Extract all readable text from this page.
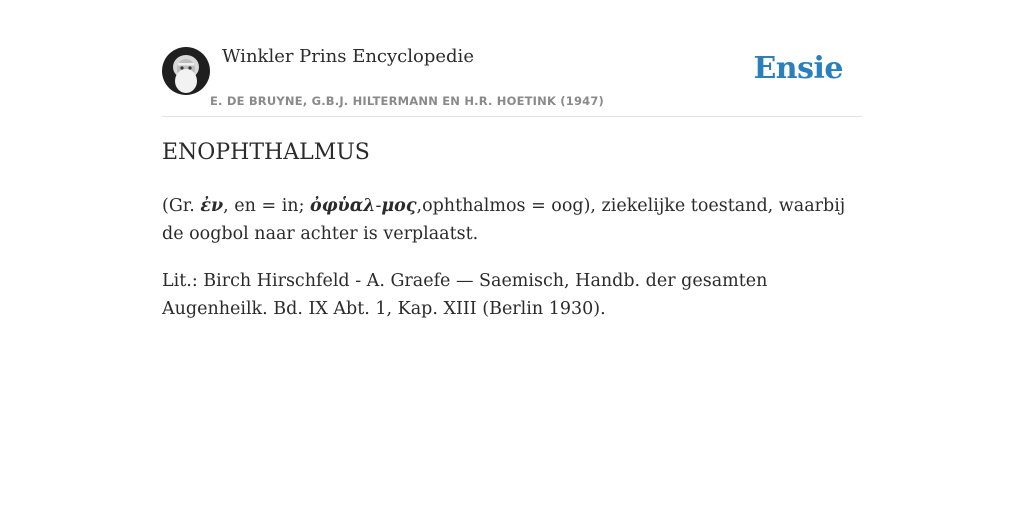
Winkler Prins Encyclopedie
E. DE BRUYNE, G.B.J. HILTERMANN EN H.R. HOETINK (1947)
Ensie
ENOPHTHALMUS

(Gr. ἐν, en = in; ὀφὑαλ-μος,ophthalmos = oog), ziekelijke toestand, waarbij de oogbol naar achter is verplaatst.

Lit.: Birch Hirschfeld - A. Graefe — Saemisch, Handb. der gesamten Augenheilk. Bd. IX Abt. 1, Kap. XIII (Berlin 1930).
